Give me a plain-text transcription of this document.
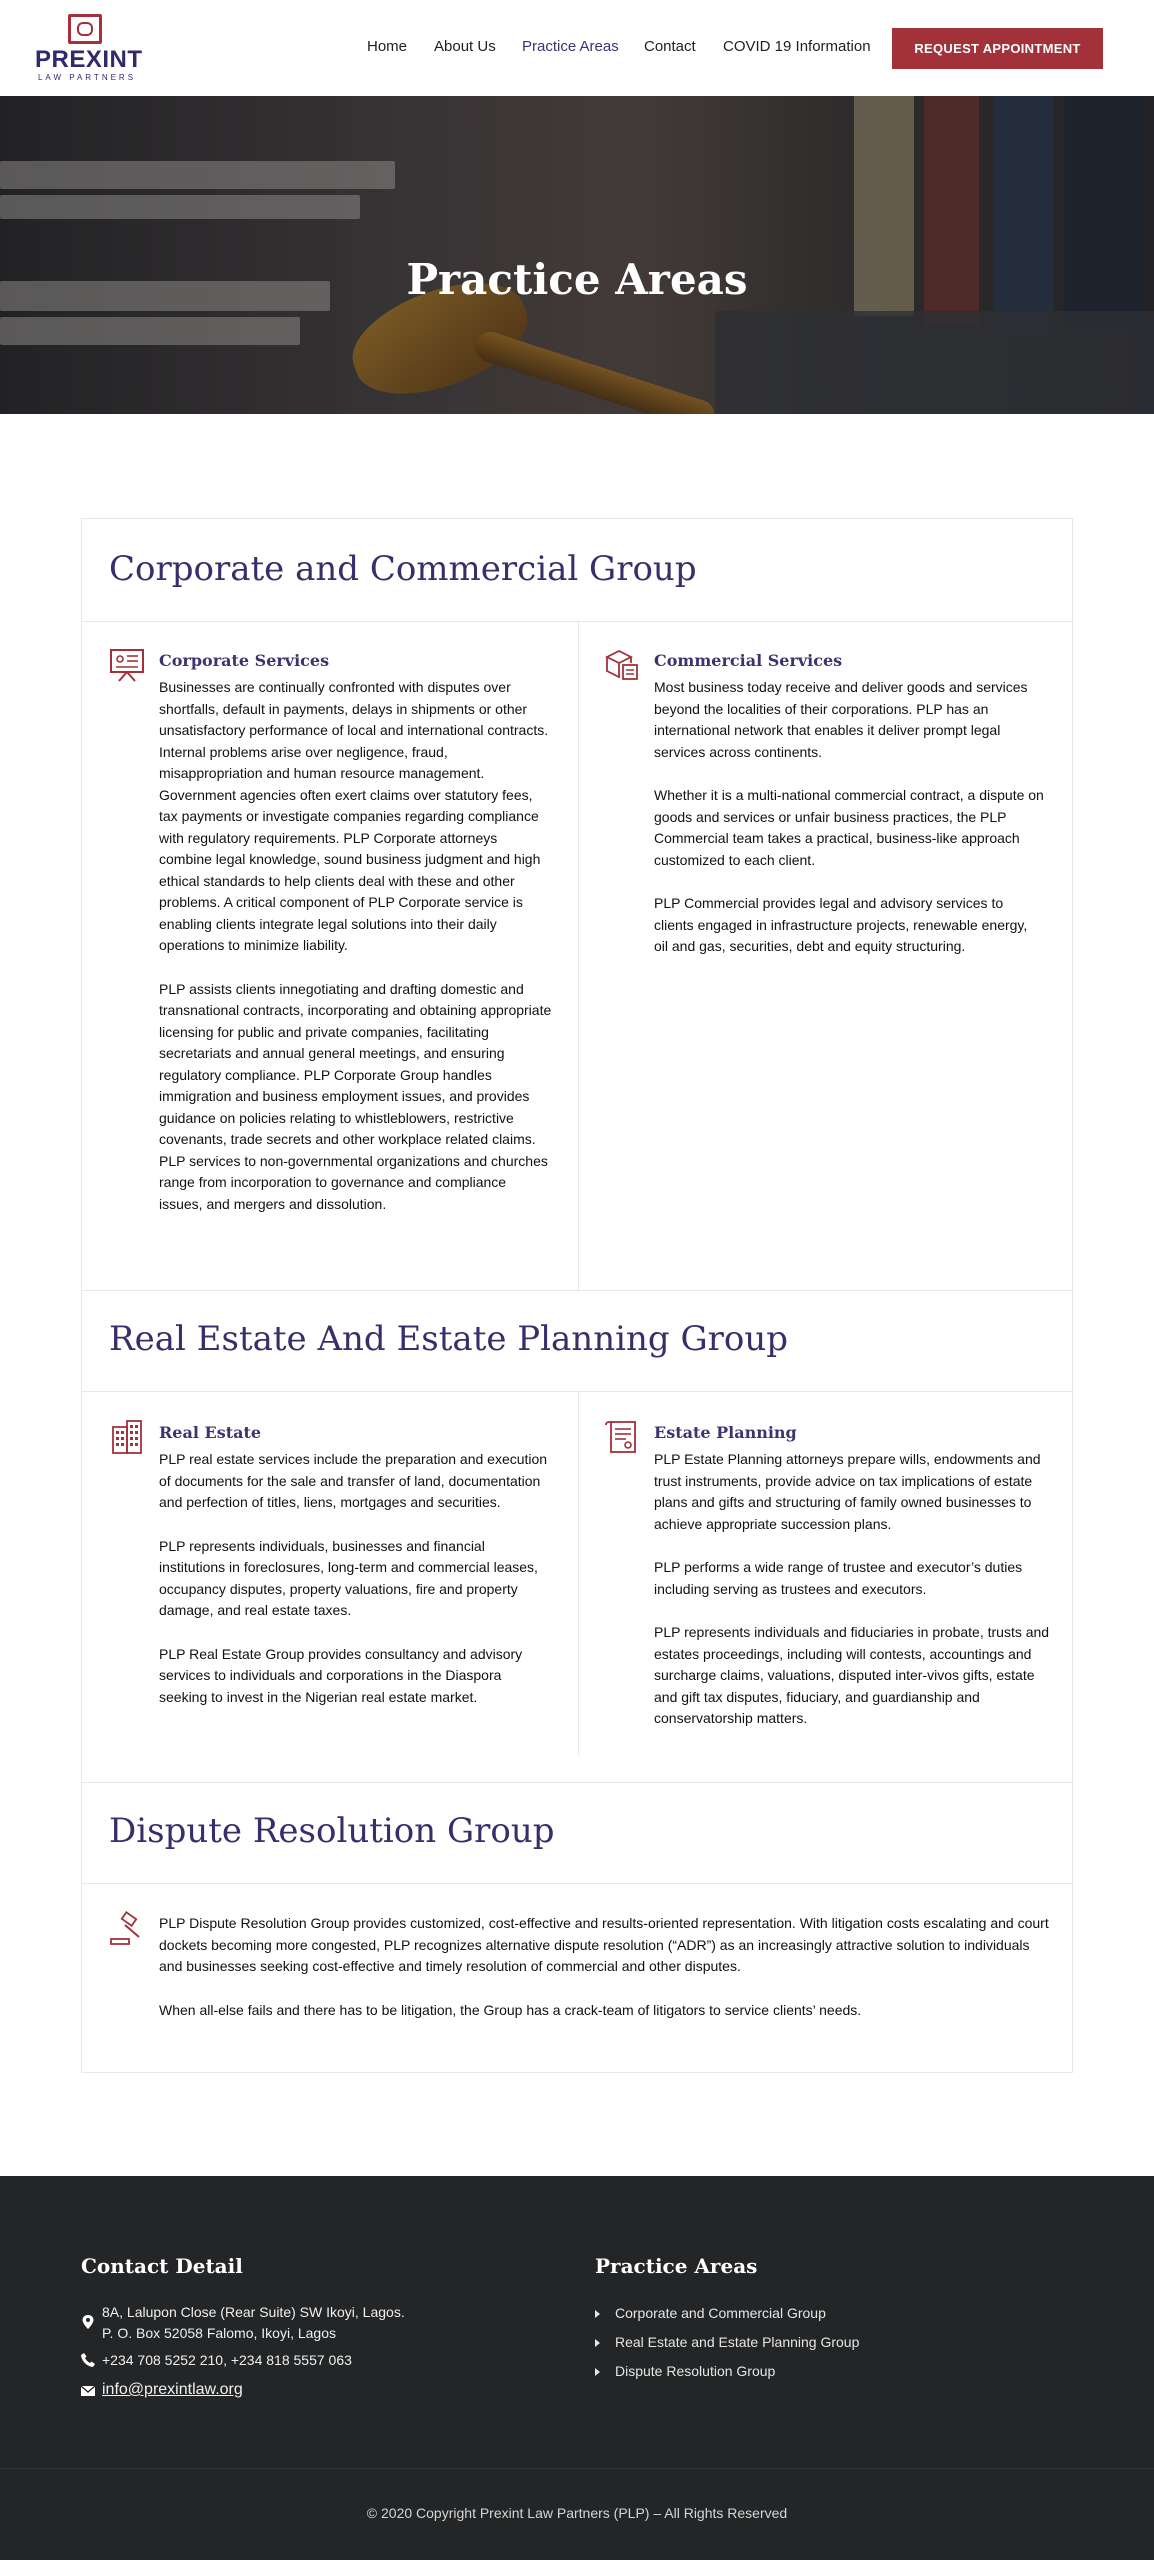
PREXINT
LAW PARTNERS
Home About Us Practice Areas Contact COVID 19 Information	REQUEST APPOINTMENT
Practice Areas
Corporate and Commercial Group
Corporate Services

Businesses are continually confronted with disputes over shortfalls, default in payments, delays in shipments or other unsatisfactory performance of local and international contracts. Internal problems arise over negligence, fraud, misappropriation and human resource management. Government agencies often exert claims over statutory fees, tax payments or investigate companies regarding compliance with regulatory requirements. PLP Corporate attorneys combine legal knowledge, sound business judgment and high ethical standards to help clients deal with these and other problems. A critical component of PLP Corporate service is enabling clients integrate legal solutions into their daily operations to minimize liability.

PLP assists clients innegotiating and drafting domestic and transnational contracts, incorporating and obtaining appropriate licensing for public and private companies, facilitating secretariats and annual general meetings, and ensuring regulatory compliance. PLP Corporate Group handles immigration and business employment issues, and provides guidance on policies relating to whistleblowers, restrictive covenants, trade secrets and other workplace related claims. PLP services to non-governmental organizations and churches range from incorporation to governance and compliance issues, and mergers and dissolution.

Commercial Services

Most business today receive and deliver goods and services beyond the localities of their corporations. PLP has an international network that enables it deliver prompt legal services across continents.

Whether it is a multi-national commercial contract, a dispute on goods and services or unfair business practices, the PLP Commercial team takes a practical, business-like approach customized to each client.

PLP Commercial provides legal and advisory services to clients engaged in infrastructure projects, renewable energy, oil and gas, securities, debt and equity structuring.

Real Estate And Estate Planning Group
Real Estate

PLP real estate services include the preparation and execution of documents for the sale and transfer of land, documentation and perfection of titles, liens, mortgages and securities.

PLP represents individuals, businesses and financial institutions in foreclosures, long-term and commercial leases, occupancy disputes, property valuations, fire and property damage, and real estate taxes.

PLP Real Estate Group provides consultancy and advisory services to individuals and corporations in the Diaspora seeking to invest in the Nigerian real estate market.

Estate Planning

PLP Estate Planning attorneys prepare wills, endowments and trust instruments, provide advice on tax implications of estate plans and gifts and structuring of family owned businesses to achieve appropriate succession plans.

PLP performs a wide range of trustee and executor’s duties including serving as trustees and executors.

PLP represents individuals and fiduciaries in probate, trusts and estates proceedings, including will contests, accountings and surcharge claims, valuations, disputed inter-vivos gifts, estate and gift tax disputes, fiduciary, and guardianship and conservatorship matters.

Dispute Resolution Group

PLP Dispute Resolution Group provides customized, cost-effective and results-oriented representation. With litigation costs escalating and court dockets becoming more congested, PLP recognizes alternative dispute resolution (“ADR”) as an increasingly attractive solution to individuals and businesses seeking cost-effective and timely resolution of commercial and other disputes.

When all-else fails and there has to be litigation, the Group has a crack-team of litigators to service clients’ needs.

Contact Detail
8A, Lalupon Close (Rear Suite) SW Ikoyi, Lagos.
P. O. Box 52058 Falomo, Ikoyi, Lagos
+234 708 5252 210, +234 818 5557 063
info@prexintlaw.org
Practice Areas
Corporate and Commercial Group
Real Estate and Estate Planning Group
Dispute Resolution Group
© 2020 Copyright Prexint Law Partners (PLP) – All Rights Reserved
